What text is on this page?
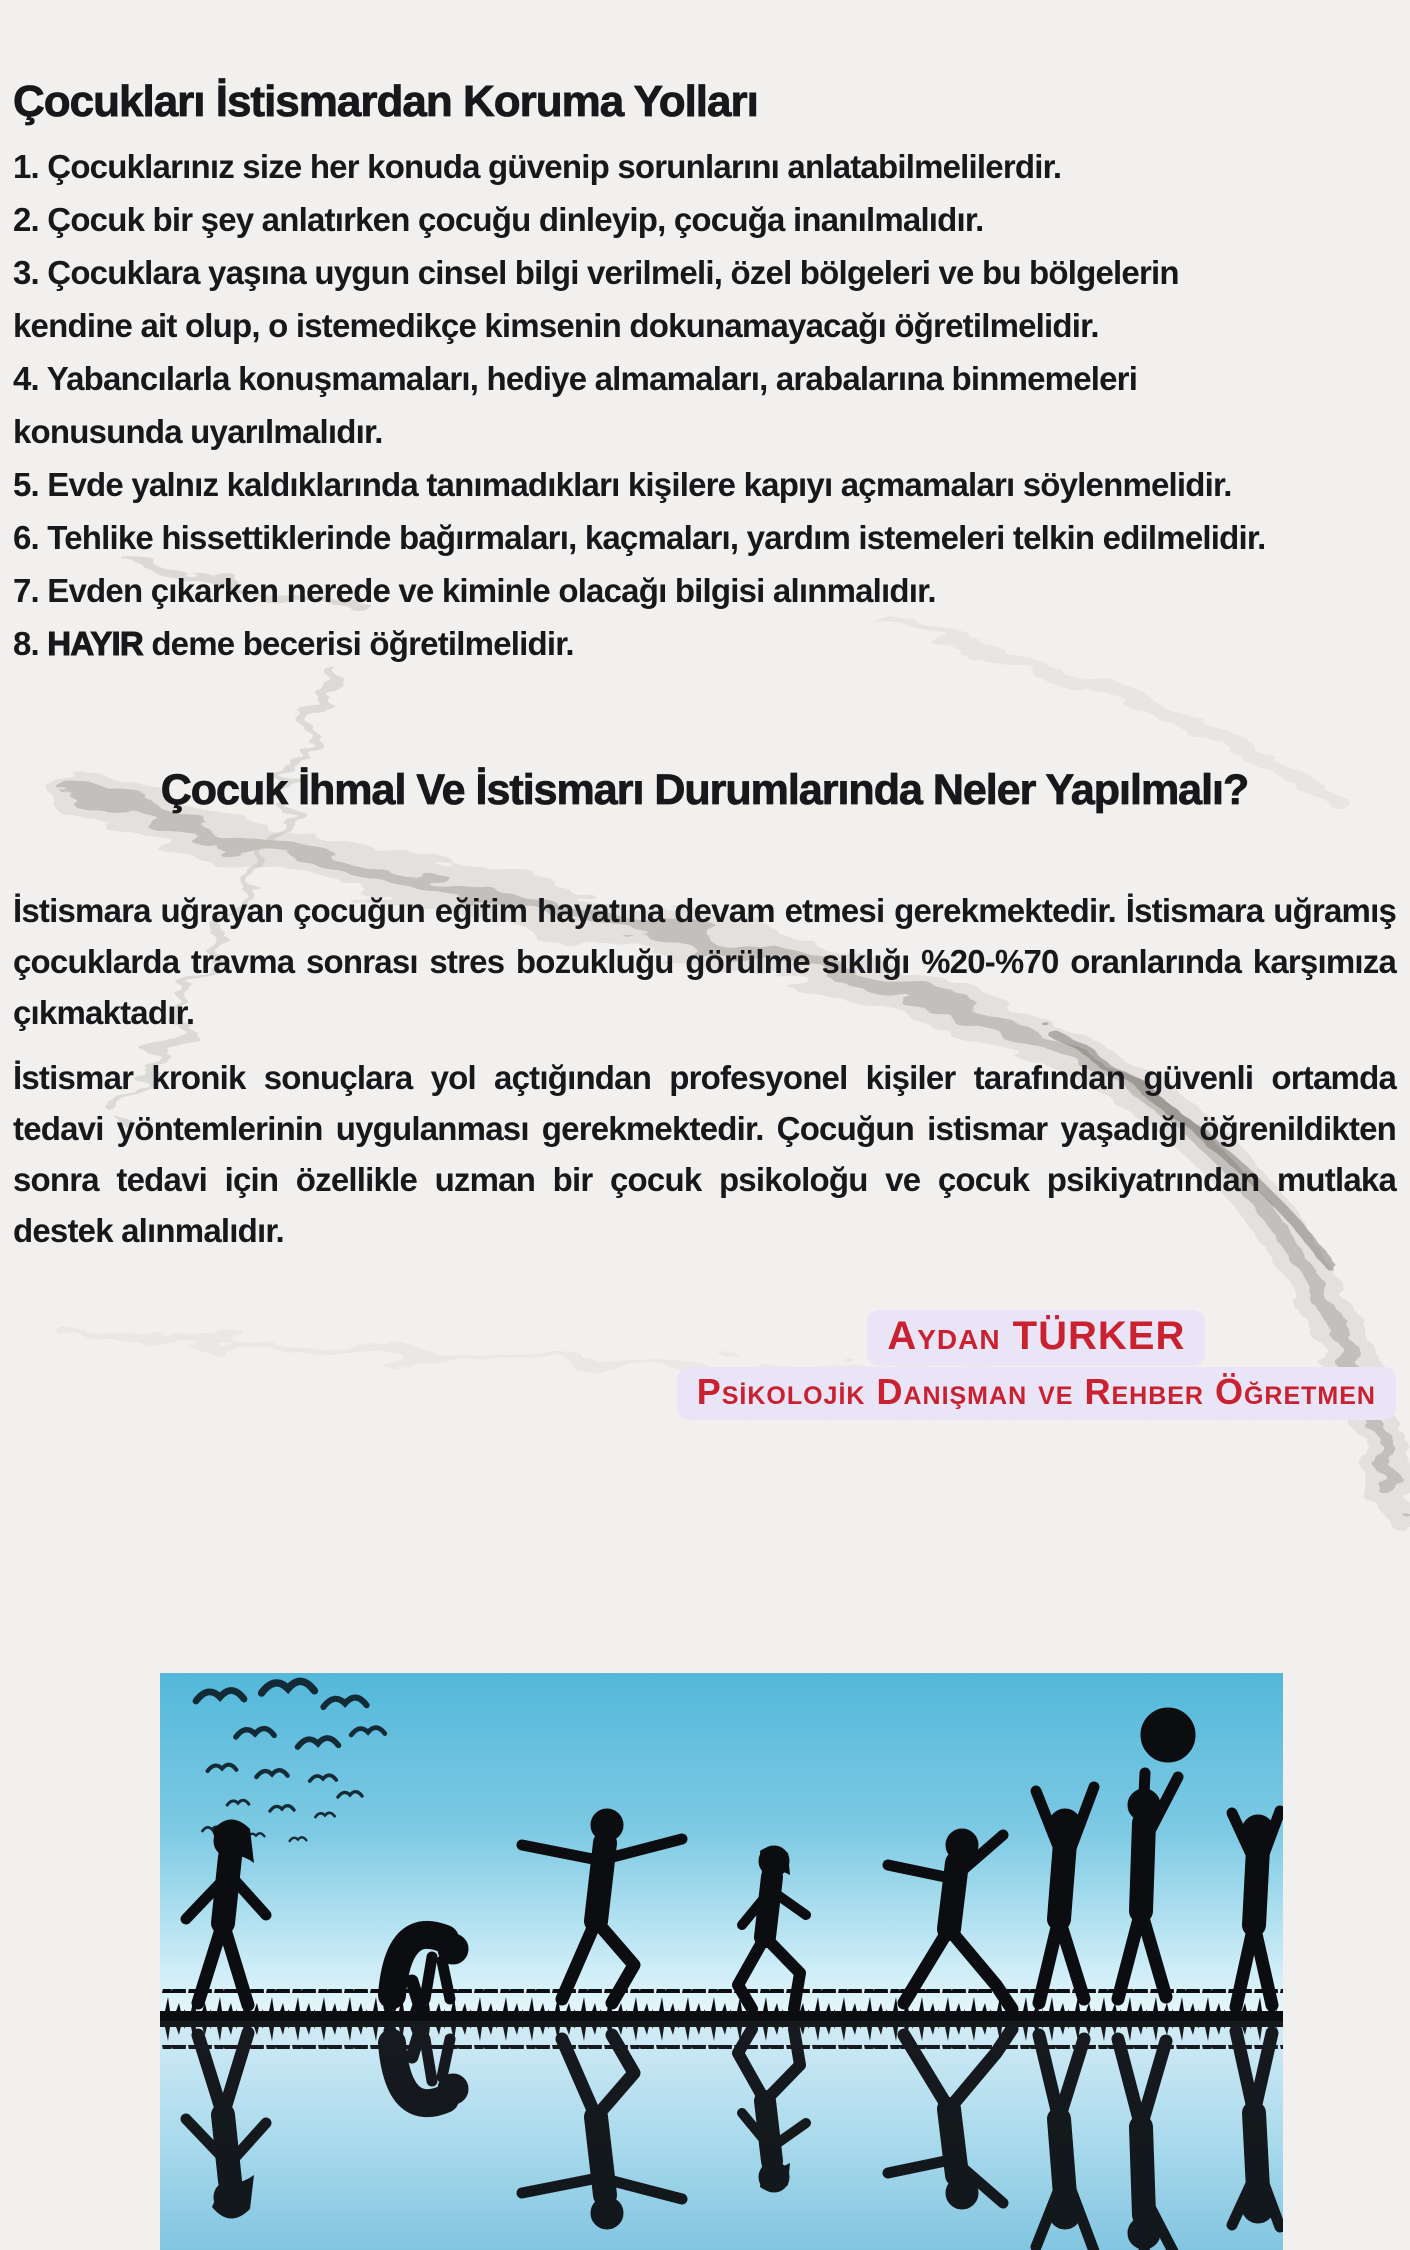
Çocukları İstismardan Koruma Yolları

1. Çocuklarınız size her konuda güvenip sorunlarını anlatabilmelilerdir.

2. Çocuk bir şey anlatırken çocuğu dinleyip, çocuğa inanılmalıdır.

3. Çocuklara yaşına uygun cinsel bilgi verilmeli, özel bölgeleri ve bu bölgelerin kendine ait olup, o istemedikçe kimsenin dokunamayacağı öğretilmelidir.

4. Yabancılarla konuşmamaları, hediye almamaları, arabalarına binmemeleri konusunda uyarılmalıdır.

5. Evde yalnız kaldıklarında tanımadıkları kişilere kapıyı açmamaları söylenmelidir.

6. Tehlike hissettiklerinde bağırmaları, kaçmaları, yardım istemeleri telkin edilmelidir.

7. Evden çıkarken nerede ve kiminle olacağı bilgisi alınmalıdır.

8. HAYIR deme becerisi öğretilmelidir.

Çocuk İhmal Ve İstismarı Durumlarında Neler Yapılmalı?

İstismara uğrayan çocuğun eğitim hayatına devam etmesi gerekmektedir. İstismara uğramış çocuklarda travma sonrası stres bozukluğu görülme sıklığı %20-%70 oranlarında karşımıza çıkmaktadır.

İstismar kronik sonuçlara yol açtığından profesyonel kişiler tarafından güvenli ortamda tedavi yöntemlerinin uygulanması gerekmektedir. Çocuğun istismar yaşadığı öğrenildikten sonra tedavi için özellikle uzman bir çocuk psikoloğu ve çocuk psikiyatrından mutlaka destek alınmalıdır.

Aydan TÜRKER
Psikolojik Danışman ve Rehber Öğretmen
